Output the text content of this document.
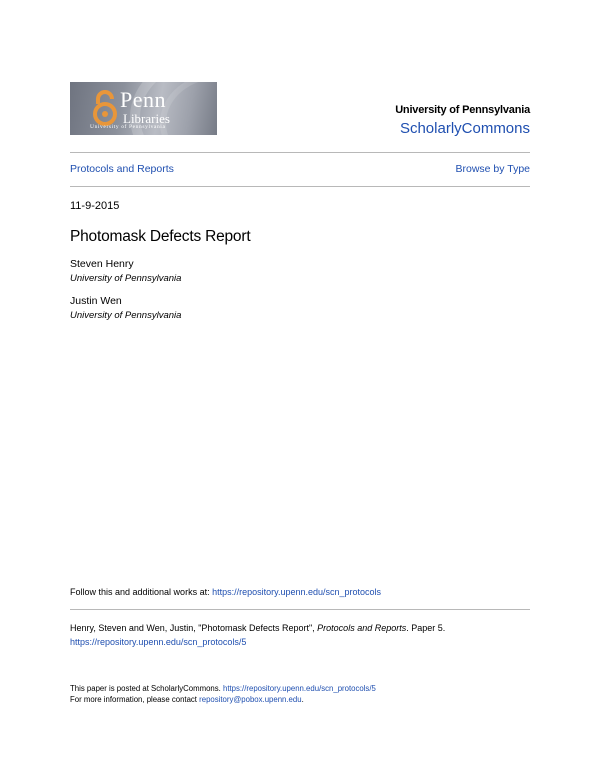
Penn
Libraries
University of Pennsylvania
University of Pennsylvania
ScholarlyCommons
Protocols and Reports	Browse by Type
11-9-2015
Photomask Defects Report
Steven Henry
University of Pennsylvania
Justin Wen
University of Pennsylvania
Follow this and additional works at: https://repository.upenn.edu/scn_protocols
Henry, Steven and Wen, Justin, "Photomask Defects Report", Protocols and Reports. Paper 5.
https://repository.upenn.edu/scn_protocols/5
This paper is posted at ScholarlyCommons. https://repository.upenn.edu/scn_protocols/5
For more information, please contact repository@pobox.upenn.edu.
